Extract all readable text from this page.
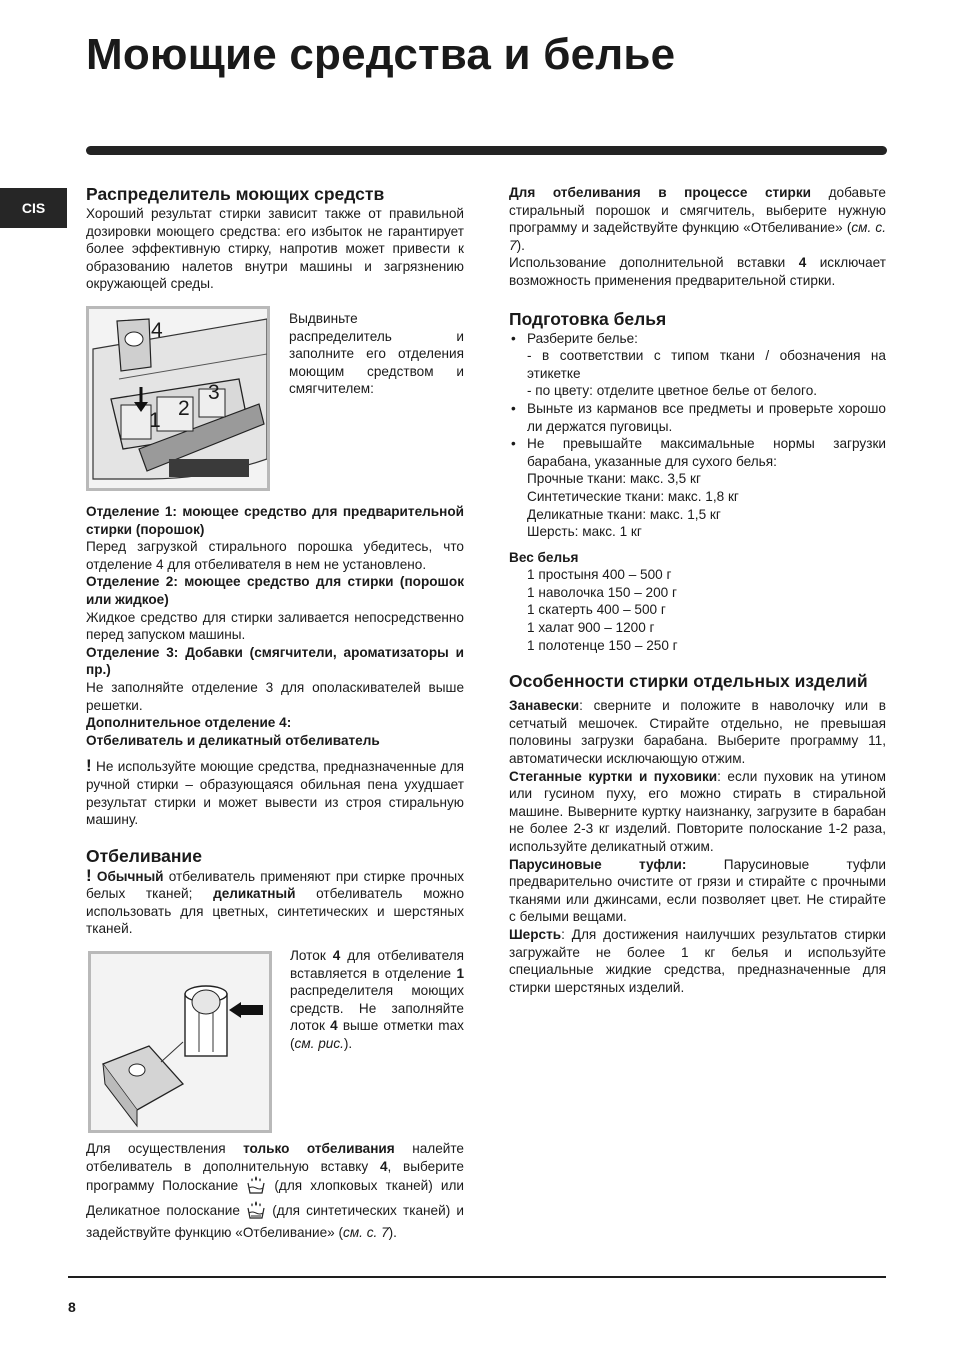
Моющие средства и белье
CIS
Распределитель моющих средств

Хороший результат стирки зависит также от правильной дозировки моющего средства: его избыток не гарантирует более эффективную стирку, напротив может привести к образованию налетов внутри машины и загрязнению окружающей среды.

4
1
2
3

Выдвиньте распределитель и заполните его отделения моющим средством и смягчителем:

Отделение 1: моющее средство для предварительной стирки (порошок)

Перед загрузкой стирального порошка убедитесь, что отделение 4 для отбеливателя в нем не установлено.

Отделение 2: моющее средство для стирки (порошок или жидкое)

Жидкое средство для стирки заливается непосредственно перед запуском машины.

Отделение 3: Добавки (смягчители, ароматизаторы и пр.)

Не заполняйте отделение 3 для ополаскивателей выше решетки.

Дополнительное отделение 4:

Отбеливатель и деликатный отбеливатель

! Не используйте моющие средства, предназначенные для ручной стирки – образующаяся обильная пена ухудшает результат стирки и может вывести из строя стиральную машину.

Отбеливание

! Обычный отбеливатель применяют при стирке прочных белых тканей; деликатный отбеливатель можно использовать для цветных, синтетических и шерстяных тканей.

Лоток 4 для отбеливателя вставляется в отделение 1 распределителя моющих средств. Не заполняйте лоток 4 выше отметки max (см. рис.).

Для осуществления только отбеливания налейте отбеливатель в дополнительную вставку 4, выберите программу Полоскание  (для хлопковых тканей) или Деликатное полоскание  (для синтетических тканей) и задействуйте функцию «Отбеливание» (см. с. 7).

Для отбеливания в процессе стирки добавьте стиральный порошок и смягчитель, выберите нужную программу и задействуйте функцию «Отбеливание» (см. с. 7).

Использование дополнительной вставки 4 исключает возможность применения предварительной стирки.

Подготовка белья
• Разберите белье:
- в соответствии с типом ткани / обозначения на этикетке
- по цвету: отделите цветное белье от белого.
• Выньте из карманов все предметы и проверьте хорошо ли держатся пуговицы.
• Не превышайте максимальные нормы загрузки барабана, указанные для сухого белья:
Прочные ткани: макс. 3,5 кг
Синтетические ткани: макс. 1,8 кг
Деликатные ткани: макс. 1,5 кг
Шерсть: макс. 1 кг

Вес белья

1 простыня 400 – 500 г
1 наволочка 150 – 200 г
1 скатерть 400 – 500 г
1 халат 900 – 1200 г
1 полотенце 150 – 250 г
Особенности стирки отдельных изделий

Занавески: сверните и положите в наволочку или в сетчатый мешочек. Стирайте отдельно, не превышая половины загрузки барабана. Выберите программу 11, автоматически исключающую отжим.

Стеганные куртки и пуховики: если пуховик на утином или гусином пуху, его можно стирать в стиральной машине. Выверните куртку наизнанку, загрузите в барабан не более 2-3 кг изделий. Повторите полоскание 1-2 раза, используйте деликатный отжим.

Парусиновые туфли: Парусиновые туфли предварительно очистите от грязи и стирайте с прочными тканями или джинсами, если позволяет цвет. Не стирайте с белыми вещами.

Шерсть: Для достижения наилучших результатов стирки загружайте не более 1 кг белья и используйте специальные жидкие средства, предназначенные для стирки шерстяных изделий.

8
